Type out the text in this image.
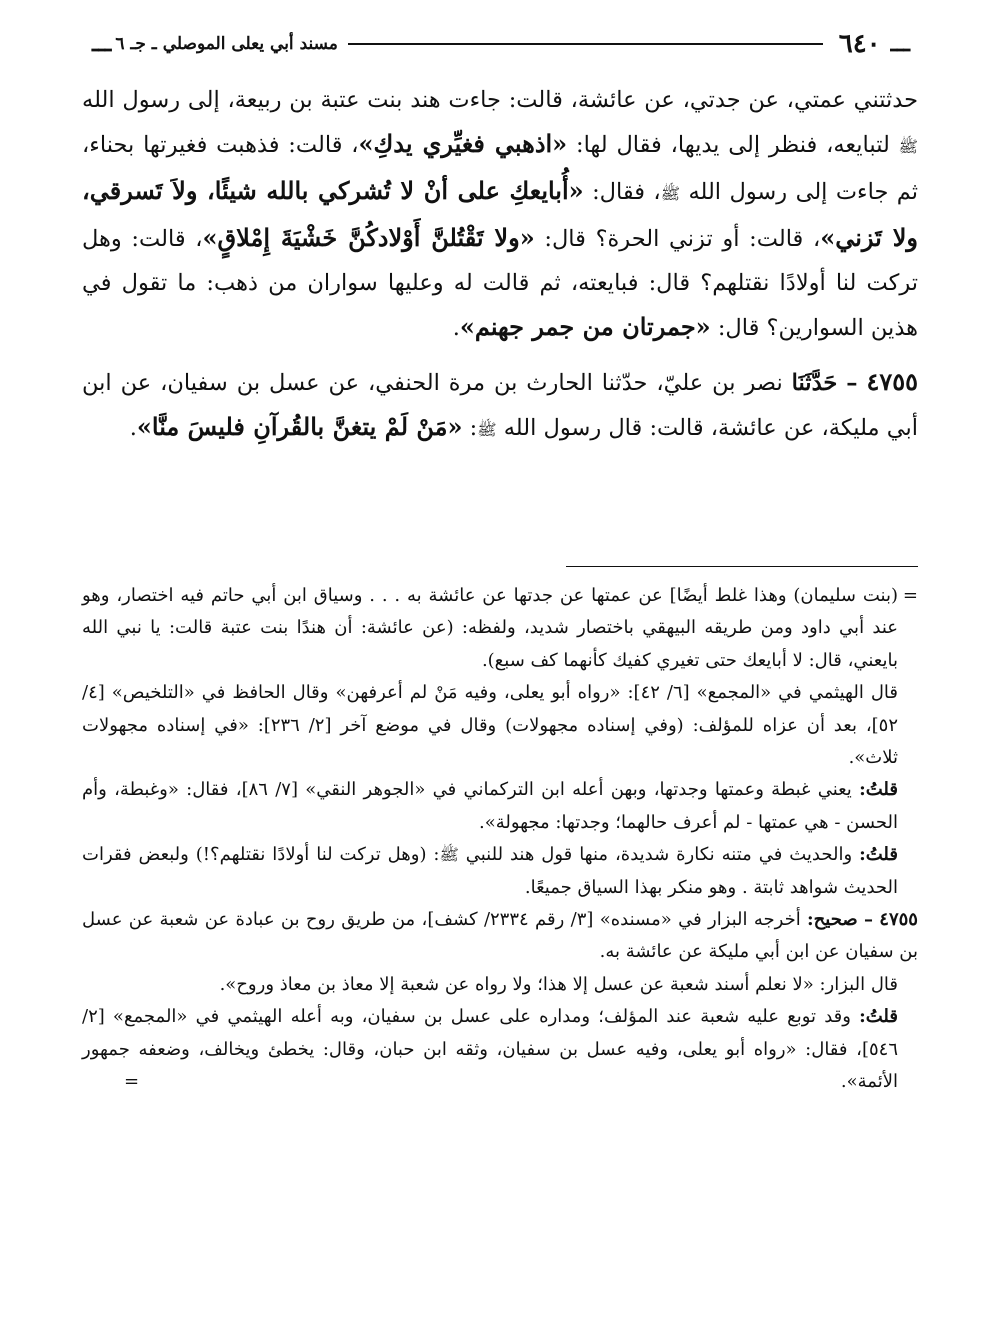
ـــ
٦٤٠
مسند أبي يعلى الموصلي ـ جـ ٦
ـــ

حدثتني عمتي، عن جدتي، عن عائشة، قالت: جاءت هند بنت عتبة بن ربيعة، إلى رسول الله ﷺ لتبايعه، فنظر إلى يديها، فقال لها: «اذهبي فغيِّري يدكِ»، قالت: فذهبت فغيرتها بحناء، ثم جاءت إلى رسول الله ﷺ، فقال: «أُبايعكِ على أنْ لا تُشركي بالله شيئًا، ولاَ تَسرقي، ولا تَزني»، قالت: أو تزني الحرة؟ قال: «ولا تَقْتُلنَّ أَوْلادكُنَّ خَشْيَةَ إِمْلاقٍ»، قالت: وهل تركت لنا أولادًا نقتلهم؟ قال: فبايعته، ثم قالت له وعليها سواران من ذهب: ما تقول في هذين السوارين؟ قال: «جمرتان من جمر جهنم».

٤٧٥٥ – حَدَّثَنَا نصر بن عليّ، حدّثنا الحارث بن مرة الحنفي، عن عسل بن سفيان، عن ابن أبي مليكة، عن عائشة، قالت: قال رسول الله ﷺ: «مَنْ لَمْ يتغنَّ بالقُرآنِ فليسَ منَّا».

=
(بنت سليمان) وهذا غلط أيضًا] عن عمتها عن جدتها عن عائشة به . . . وسياق ابن أبي حاتم فيه اختصار، وهو عند أبي داود ومن طريقه البيهقي باختصار شديد، ولفظه: (عن عائشة: أن هندًا بنت عتبة قالت: يا نبي الله بايعني، قال: لا أبايعك حتى تغيري كفيك كأنهما كف سبع).

قال الهيثمي في «المجمع» [٦/ ٤٢]: «رواه أبو يعلى، وفيه مَنْ لم أعرفهن» وقال الحافظ في «التلخيص» [٤/ ٥٢]، بعد أن عزاه للمؤلف: (وفي إسناده مجهولات) وقال في موضع آخر [٢/ ٢٣٦]: «في إسناده مجهولات ثلاث».

قلتُ: يعني غبطة وعمتها وجدتها، وبهن أعله ابن التركماني في «الجوهر النقي» [٧/ ٨٦]، فقال: «وغبطة، وأم الحسن - هي عمتها - لم أعرف حالهما؛ وجدتها: مجهولة».

قلتُ: والحديث في متنه نكارة شديدة، منها قول هند للنبي ﷺ: (وهل تركت لنا أولادًا نقتلهم؟!) ولبعض فقرات الحديث شواهد ثابتة . وهو منكر بهذا السياق جميعًا.

٤٧٥٥ – صحيح: أخرجه البزار في «مسنده» [٣/ رقم ٢٣٣٤/ كشف]، من طريق روح بن عبادة عن شعبة عن عسل بن سفيان عن ابن أبي مليكة عن عائشة به.

قال البزار: «لا نعلم أسند شعبة عن عسل إلا هذا؛ ولا رواه عن شعبة إلا معاذ بن معاذ وروح».

قلتُ: وقد توبع عليه شعبة عند المؤلف؛ ومداره على عسل بن سفيان، وبه أعله الهيثمي في «المجمع» [٢/ ٥٤٦]، فقال: «رواه أبو يعلى، وفيه عسل بن سفيان، وثقه ابن حبان، وقال: يخطئ ويخالف، وضعفه جمهور الأئمة».
=
